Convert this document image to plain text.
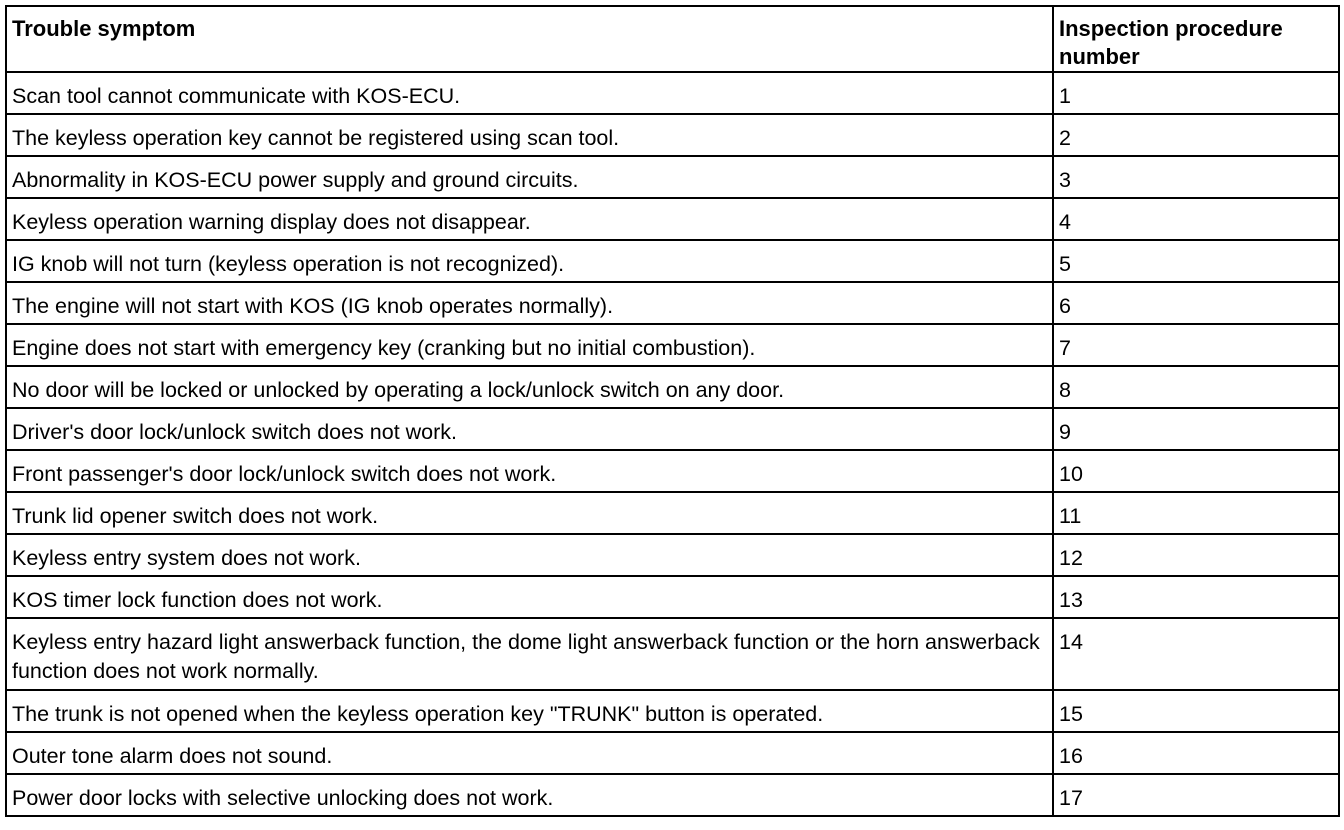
Trouble symptom	Inspection procedure number
Scan tool cannot communicate with KOS-ECU.	1
The keyless operation key cannot be registered using scan tool.	2
Abnormality in KOS-ECU power supply and ground circuits.	3
Keyless operation warning display does not disappear.	4
IG knob will not turn (keyless operation is not recognized).	5
The engine will not start with KOS (IG knob operates normally).	6
Engine does not start with emergency key (cranking but no initial combustion).	7
No door will be locked or unlocked by operating a lock/unlock switch on any door.	8
Driver's door lock/unlock switch does not work.	9
Front passenger's door lock/unlock switch does not work.	10
Trunk lid opener switch does not work.	11
Keyless entry system does not work.	12
KOS timer lock function does not work.	13
Keyless entry hazard light answerback function, the dome light answerback function or the horn answerback function does not work normally.	14
The trunk is not opened when the keyless operation key "TRUNK" button is operated.	15
Outer tone alarm does not sound.	16
Power door locks with selective unlocking does not work.	17
